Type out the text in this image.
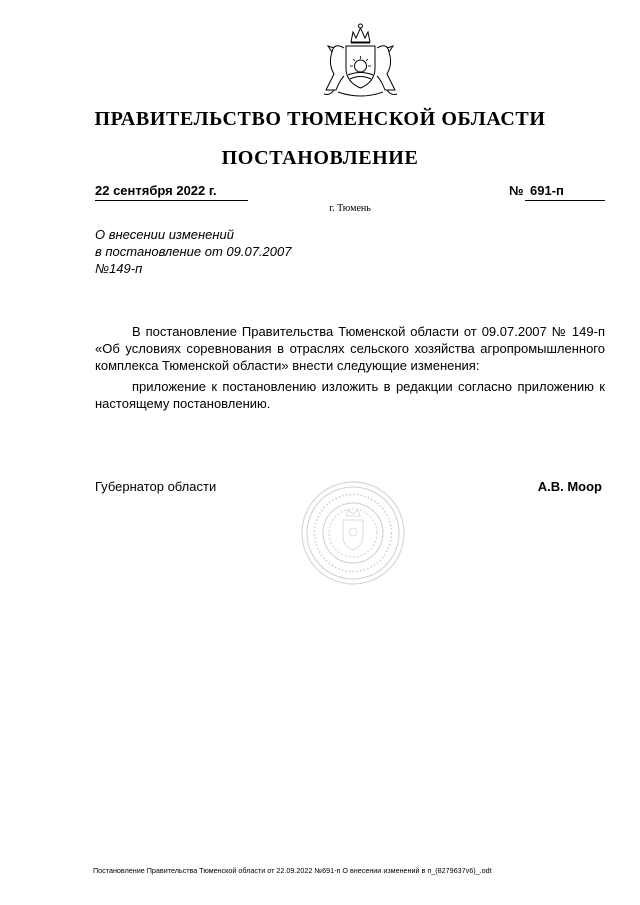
ПРАВИТЕЛЬСТВО ТЮМЕНСКОЙ ОБЛАСТИ
ПОСТАНОВЛЕНИЕ
22 сентября 2022 г.	№ 691-п
г. Тюмень
О внесении изменений
в постановление от 09.07.2007
№149-п

В постановление Правительства Тюменской области от 09.07.2007 № 149-п «Об условиях соревнования в отраслях сельского хозяйства агропромышленного комплекса Тюменской области» внести следующие изменения:

приложение к постановлению изложить в редакции согласно приложению к настоящему постановлению.

Губернатор области	А.В. Моор
Постановление Правительства Тюменской области от 22.09.2022 №691-п О внесении изменений в п_(8279637v6)_.odt
